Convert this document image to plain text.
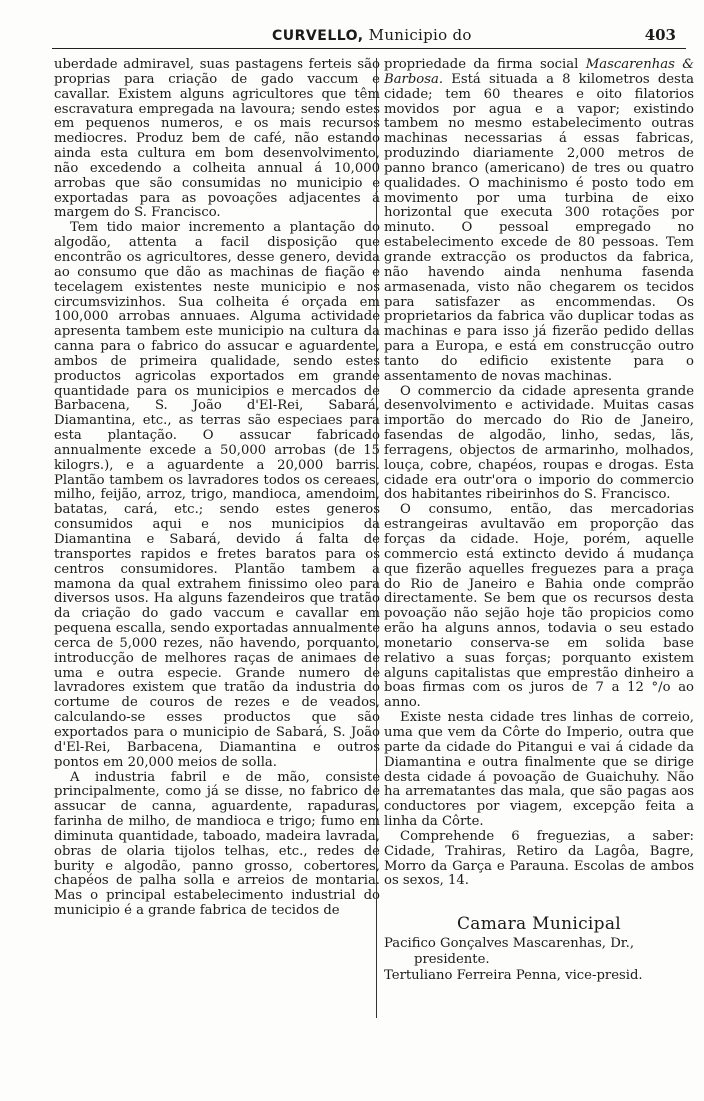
CURVELLO, Municipio do	403

uberdade admiravel, suas pastagens ferteis são proprias para criação de gado vaccum e cavallar. Existem alguns agricultores que têm escravatura empregada na lavoura; sendo estes em pequenos numeros, e os mais recursos mediocres. Produz bem de café, não estando ainda esta cultura em bom desenvolvimento, não excedendo a colheita annual á 10,000 arrobas que são consumidas no municipio e exportadas para as povoações adjacentes á margem do S. Francisco.

Tem tido maior incremento a plantação do algodão, attenta a facil disposição que encontrão os agricultores, desse genero, devida ao consumo que dão as machinas de fiação e tecelagem existentes neste municipio e nos circumsvizinhos. Sua colheita é orçada em 100,000 arrobas annuaes. Alguma actividade apresenta tambem este municipio na cultura da canna para o fabrico do assucar e aguardente, ambos de primeira qualidade, sendo estes productos agricolas exportados em grande quantidade para os municipios e mercados de Barbacena, S. João d'El-Rei, Sabará, Diamantina, etc., as terras são especiaes para esta plantação. O assucar fabricado annualmente excede a 50,000 arrobas (de 15 kilogrs.), e a aguardente a 20,000 barris. Plantão tambem os lavradores todos os cereaes, milho, feijão, arroz, trigo, mandioca, amendoim, batatas, cará, etc.; sendo estes generos consumidos aqui e nos municipios da Diamantina e Sabará, devido á falta de transportes rapidos e fretes baratos para os centros consumidores. Plantão tambem a mamona da qual extrahem finissimo oleo para diversos usos. Ha alguns fazendeiros que tratão da criação do gado vaccum e cavallar em pequena escalla, sendo exportadas annualmente cerca de 5,000 rezes, não havendo, porquanto, introducção de melhores raças de animaes de uma e outra especie. Grande numero de lavradores existem que tratão da industria do cortume de couros de rezes e de veados, calculando-se esses productos que são exportados para o municipio de Sabará, S. João d'El-Rei, Barbacena, Diamantina e outros pontos em 20,000 meios de solla.

A industria fabril e de mão, consiste principalmente, como já se disse, no fabrico de assucar de canna, aguardente, rapaduras, farinha de milho, de mandioca e trigo; fumo em diminuta quantidade, taboado, madeira lavrada, obras de olaria tijolos telhas, etc., redes de burity e algodão, panno grosso, cobertores, chapéos de palha solla e arreios de montaria. Mas o principal estabelecimento industrial do municipio é a grande fabrica de tecidos de

propriedade da firma social Mascarenhas & Barbosa. Está situada a 8 kilometros desta cidade; tem 60 theares e oito filatorios movidos por agua e a vapor; existindo tambem no mesmo estabelecimento outras machinas necessarias á essas fabricas, produzindo diariamente 2,000 metros de panno branco (americano) de tres ou quatro qualidades. O machinismo é posto todo em movimento por uma turbina de eixo horizontal que executa 300 rotações por minuto. O pessoal empregado no estabelecimento excede de 80 pessoas. Tem grande extracção os productos da fabrica, não havendo ainda nenhuma fasenda armasenada, visto não chegarem os tecidos para satisfazer as encommendas. Os proprietarios da fabrica vão duplicar todas as machinas e para isso já fizerão pedido dellas para a Europa, e está em construcção outro tanto do edificio existente para o assentamento de novas machinas.

O commercio da cidade apresenta grande desenvolvimento e actividade. Muitas casas importão do mercado do Rio de Janeiro, fasendas de algodão, linho, sedas, lãs, ferragens, objectos de armarinho, molhados, louça, cobre, chapéos, roupas e drogas. Esta cidade era outr'ora o imporio do commercio dos habitantes ribeirinhos do S. Francisco.

O consumo, então, das mercadorias estrangeiras avultavão em proporção das forças da cidade. Hoje, porém, aquelle commercio está extincto devido á mudança que fizerão aquelles freguezes para a praça do Rio de Janeiro e Bahia onde comprão directamente. Se bem que os recursos desta povoação não sejão hoje tão propicios como erão ha alguns annos, todavia o seu estado monetario conserva-se em solida base relativo a suas forças; porquanto existem alguns capitalistas que emprestão dinheiro a boas firmas com os juros de 7 a 12 °/o ao anno.

Existe nesta cidade tres linhas de correio, uma que vem da Côrte do Imperio, outra que parte da cidade do Pitangui e vai á cidade da Diamantina e outra finalmente que se dirige desta cidade á povoação de Guaichuhy. Não ha arrematantes das mala, que são pagas aos conductores por viagem, excepção feita a linha da Côrte.

Comprehende 6 freguezias, a saber: Cidade, Trahiras, Retiro da Lagôa, Bagre, Morro da Garça e Parauna. Escolas de ambos os sexos, 14.

Camara Municipal

Pacifico Gonçalves Mascarenhas, Dr.,
presidente.

Tertuliano Ferreira Penna, vice-presid.
